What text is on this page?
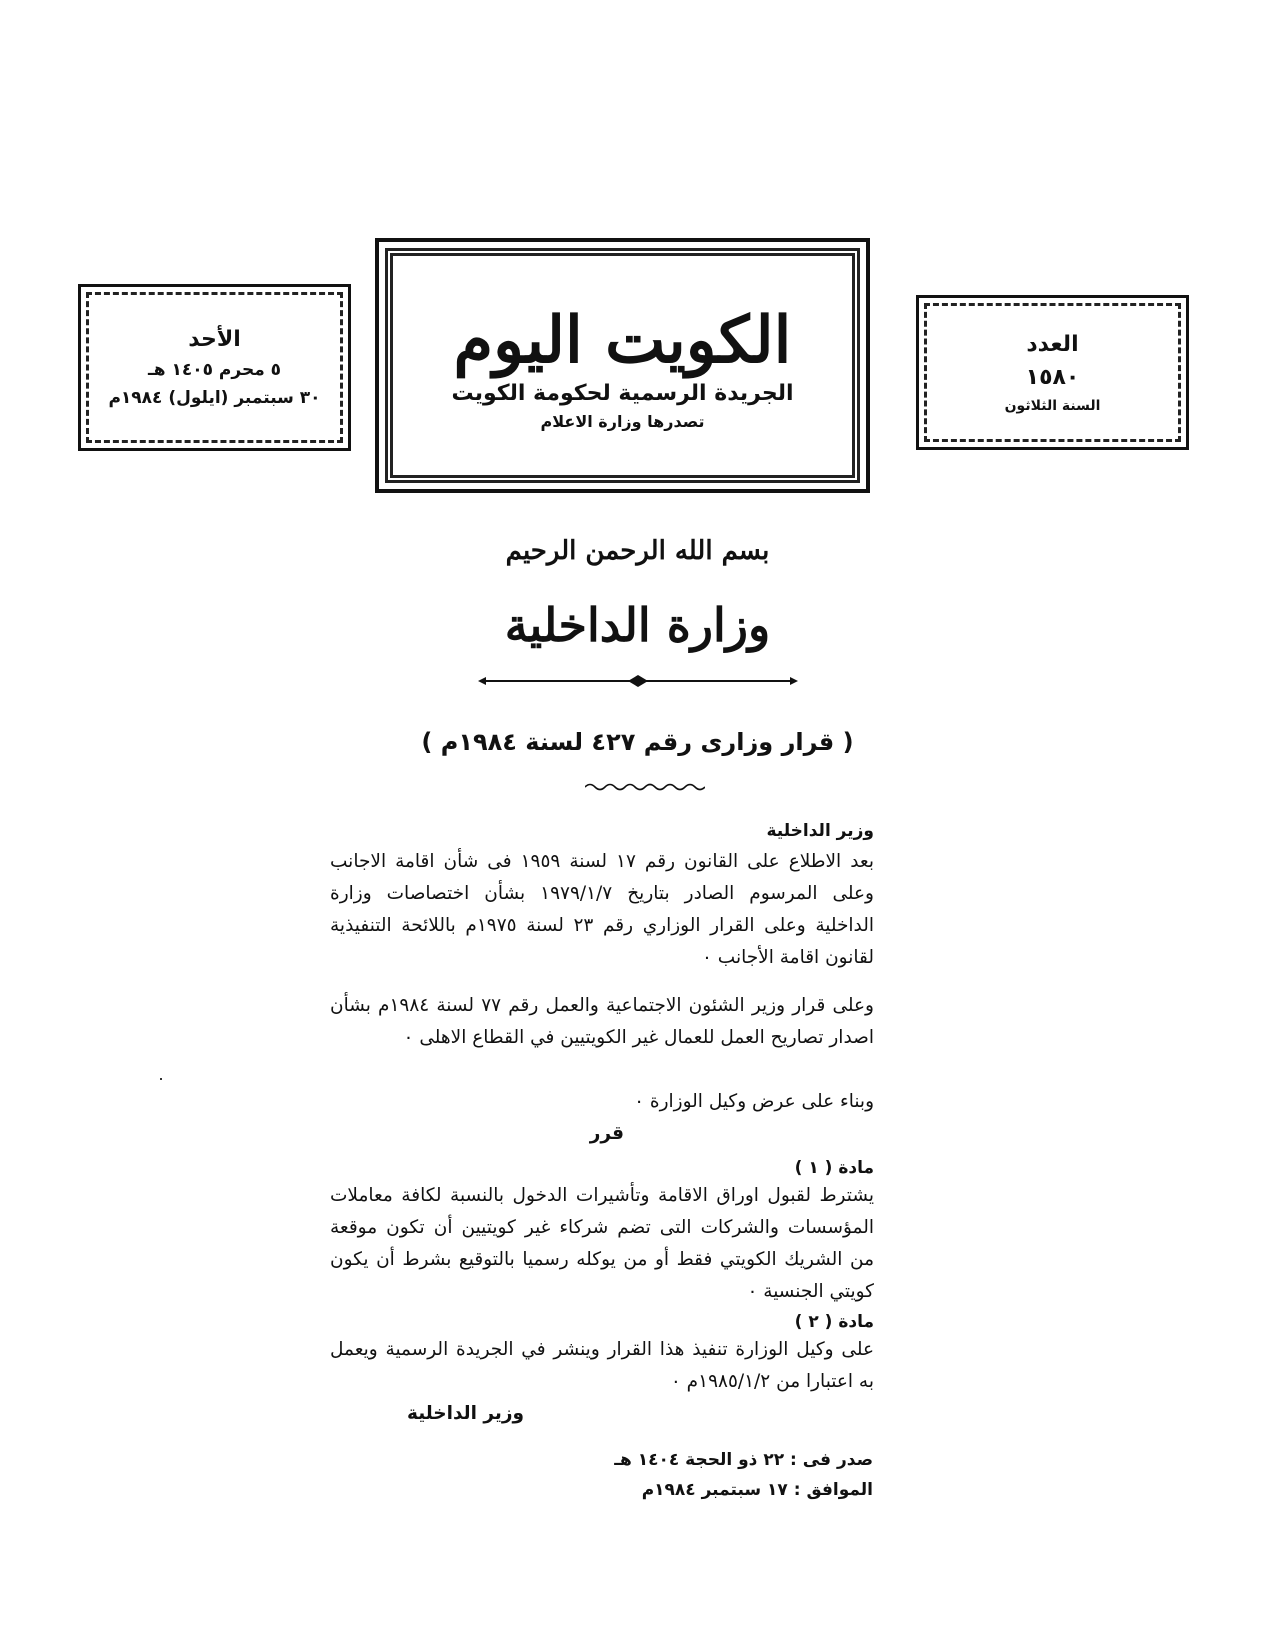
الأحد
٥ محرم ١٤٠٥ هـ
٣٠ سبتمبر (ايلول) ١٩٨٤م
الكويت اليوم
الجريدة الرسمية لحكومة الكويت
تصدرها وزارة الاعلام
العدد
١٥٨٠
السنة الثلاثون
بسم الله الرحمن الرحيم
وزارة الداخلية
( قرار وزارى رقم ٤٢٧ لسنة ١٩٨٤م )
وزير الداخلية
بعد الاطلاع على القانون رقم ١٧ لسنة ١٩٥٩ فى شأن اقامة الاجانب وعلى المرسوم الصادر بتاريخ ١٩٧٩/١/٧ بشأن اختصاصات وزارة الداخلية وعلى القرار الوزاري رقم ٢٣ لسنة ١٩٧٥م باللائحة التنفيذية لقانون اقامة الأجانب ٠
وعلى قرار وزير الشئون الاجتماعية والعمل رقم ٧٧ لسنة ١٩٨٤م بشأن اصدار تصاريح العمل للعمال غير الكويتيين في القطاع الاهلى ٠
وبناء على عرض وكيل الوزارة ٠
قرر
مادة ( ١ )
يشترط لقبول اوراق الاقامة وتأشيرات الدخول بالنسبة لكافة معاملات المؤسسات والشركات التى تضم شركاء غير كويتيين أن تكون موقعة من الشريك الكويتي فقط أو من يوكله رسميا بالتوقيع بشرط أن يكون كويتي الجنسية ٠
مادة ( ٢ )
على وكيل الوزارة تنفيذ هذا القرار وينشر في الجريدة الرسمية ويعمل به اعتبارا من ١٩٨٥/١/٢م ٠
وزير الداخلية
صدر فى : ٢٢ ذو الحجة ١٤٠٤ هـ
الموافق : ١٧ سبتمبر ١٩٨٤م
